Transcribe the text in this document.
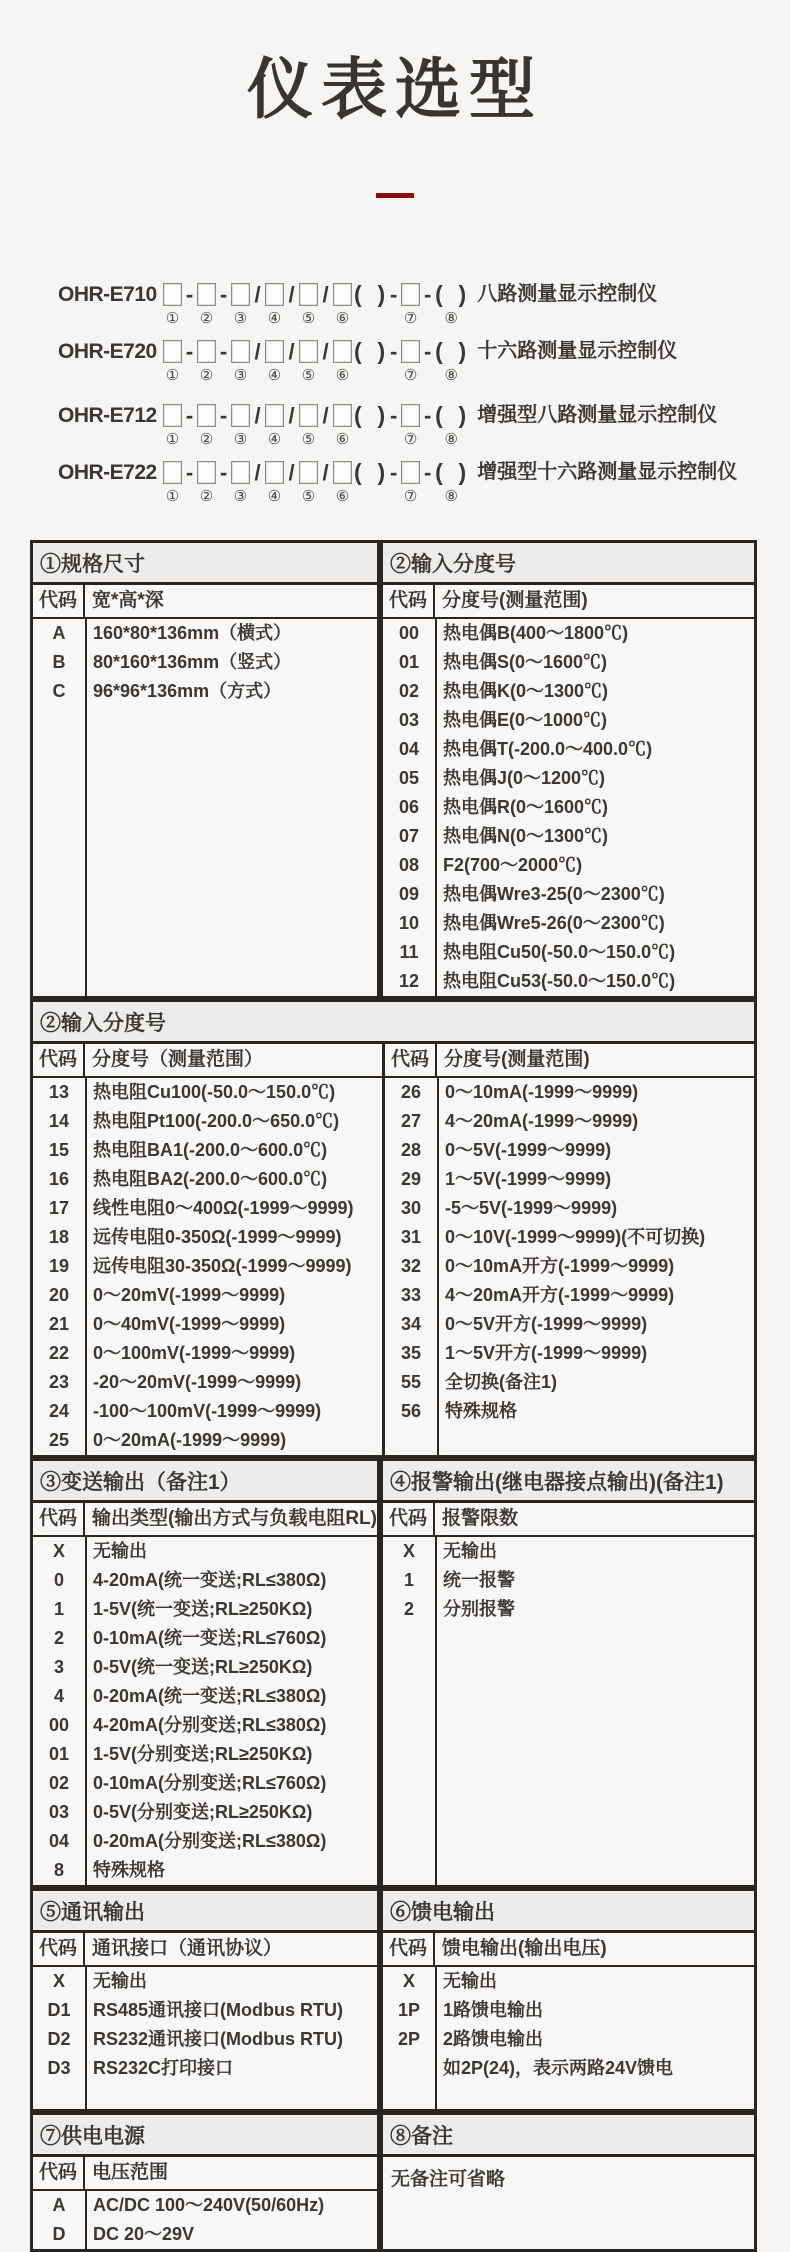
仪表选型
OHR-E710
①
-
②
-
③
/
④
/
⑤
/
⑥
(  ) -
⑦
- (  )
⑧
八路测量显示控制仪
OHR-E720
①
-
②
-
③
/
④
/
⑤
/
⑥
(  ) -
⑦
- (  )
⑧
十六路测量显示控制仪
OHR-E712
①
-
②
-
③
/
④
/
⑤
/
⑥
(  ) -
⑦
- (  )
⑧
增强型八路测量显示控制仪
OHR-E722
①
-
②
-
③
/
④
/
⑤
/
⑥
(  ) -
⑦
- (  )
⑧
增强型十六路测量显示控制仪
①规格尺寸
代码 宽*高*深
A	160*80*136mm（横式）
B	80*160*136mm（竖式）
C	96*96*136mm（方式）
②输入分度号
代码 分度号(测量范围)
00	热电偶B(400～1800℃)
01	热电偶S(0～1600℃)
02	热电偶K(0～1300℃)
03	热电偶E(0～1000℃)
04	热电偶T(-200.0～400.0℃)
05	热电偶J(0～1200℃)
06	热电偶R(0～1600℃)
07	热电偶N(0～1300℃)
08	F2(700～2000℃)
09	热电偶Wre3-25(0～2300℃)
10	热电偶Wre5-26(0～2300℃)
11	热电阻Cu50(-50.0～150.0℃)
12	热电阻Cu53(-50.0～150.0℃)
②输入分度号
代码 分度号（测量范围）
13	热电阻Cu100(-50.0～150.0℃)
14	热电阻Pt100(-200.0～650.0℃)
15	热电阻BA1(-200.0～600.0℃)
16	热电阻BA2(-200.0～600.0℃)
17	线性电阻0～400Ω(-1999～9999)
18	远传电阻0-350Ω(-1999～9999)
19	远传电阻30-350Ω(-1999～9999)
20	0～20mV(-1999～9999)
21	0～40mV(-1999～9999)
22	0～100mV(-1999～9999)
23	-20～20mV(-1999～9999)
24	-100～100mV(-1999～9999)
25	0～20mA(-1999～9999)
代码 分度号(测量范围)
26	0～10mA(-1999～9999)
27	4～20mA(-1999～9999)
28	0～5V(-1999～9999)
29	1～5V(-1999～9999)
30	-5～5V(-1999～9999)
31	0～10V(-1999～9999)(不可切换)
32	0～10mA开方(-1999～9999)
33	4～20mA开方(-1999～9999)
34	0～5V开方(-1999～9999)
35	1～5V开方(-1999～9999)
55	全切换(备注1)
56	特殊规格
③变送输出（备注1）
代码 输出类型(输出方式与负载电阻RL)
X	无输出
0	4-20mA(统一变送;RL≤380Ω)
1	1-5V(统一变送;RL≥250KΩ)
2	0-10mA(统一变送;RL≤760Ω)
3	0-5V(统一变送;RL≥250KΩ)
4	0-20mA(统一变送;RL≤380Ω)
00	4-20mA(分别变送;RL≤380Ω)
01	1-5V(分别变送;RL≥250KΩ)
02	0-10mA(分别变送;RL≤760Ω)
03	0-5V(分别变送;RL≥250KΩ)
04	0-20mA(分别变送;RL≤380Ω)
8	特殊规格
④报警输出(继电器接点输出)(备注1)
代码 报警限数
X	无输出
1	统一报警
2	分别报警
⑤通讯输出
代码 通讯接口（通讯协议）
X	无输出
D1	RS485通讯接口(Modbus RTU)
D2	RS232通讯接口(Modbus RTU)
D3	RS232C打印接口
⑥馈电输出
代码 馈电输出(输出电压)
X	无输出
1P	1路馈电输出
2P	2路馈电输出
如2P(24)，表示两路24V馈电
⑦供电电源
代码 电压范围
A	AC/DC 100～240V(50/60Hz)
D	DC 20～29V
⑧备注
无备注可省略
